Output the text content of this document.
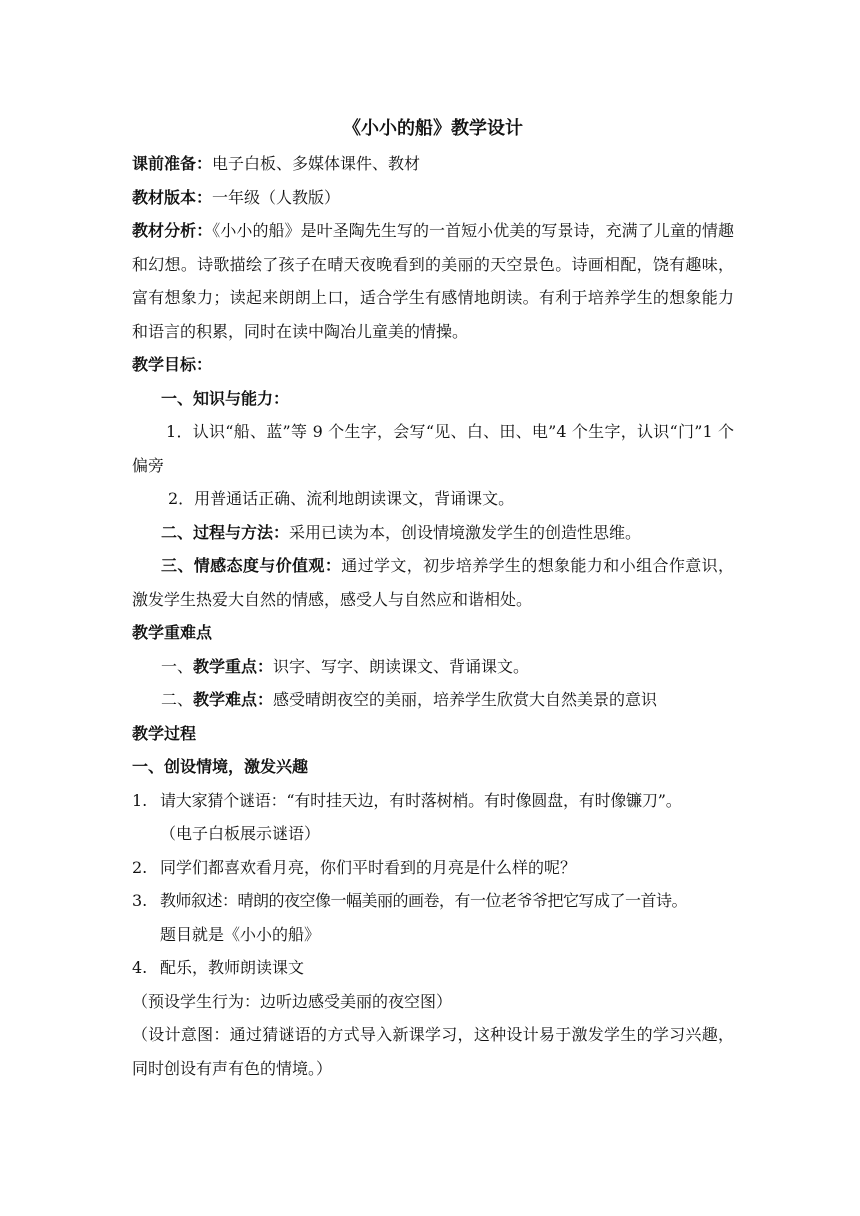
《小小的船》教学设计
课前准备：电子白板、多媒体课件、教材
教材版本：一年级（人教版）
教材分析：《小小的船》是叶圣陶先生写的一首短小优美的写景诗，充满了儿童的情趣和幻想。诗歌描绘了孩子在晴天夜晚看到的美丽的天空景色。诗画相配，饶有趣味，富有想象力；读起来朗朗上口，适合学生有感情地朗读。有利于培养学生的想象能力和语言的积累，同时在读中陶冶儿童美的情操。
教学目标：
一、知识与能力：
1．认识“船、蓝”等 9 个生字，会写“见、白、田、电”4 个生字，认识“门”1 个偏旁
2．用普通话正确、流利地朗读课文，背诵课文。
二、过程与方法：采用已读为本，创设情境激发学生的创造性思维。
三、情感态度与价值观：通过学文，初步培养学生的想象能力和小组合作意识，激发学生热爱大自然的情感，感受人与自然应和谐相处。
教学重难点
一、教学重点：识字、写字、朗读课文、背诵课文。
二、教学难点：感受晴朗夜空的美丽，培养学生欣赏大自然美景的意识
教学过程
一、创设情境，激发兴趣
1. 请大家猜个谜语：“有时挂天边，有时落树梢。有时像圆盘，有时像镰刀”。
（电子白板展示谜语）
2. 同学们都喜欢看月亮，你们平时看到的月亮是什么样的呢？
3. 教师叙述：晴朗的夜空像一幅美丽的画卷，有一位老爷爷把它写成了一首诗。
题目就是《小小的船》
4. 配乐，教师朗读课文
（预设学生行为：边听边感受美丽的夜空图）
（设计意图：通过猜谜语的方式导入新课学习，这种设计易于激发学生的学习兴趣，同时创设有声有色的情境。）
